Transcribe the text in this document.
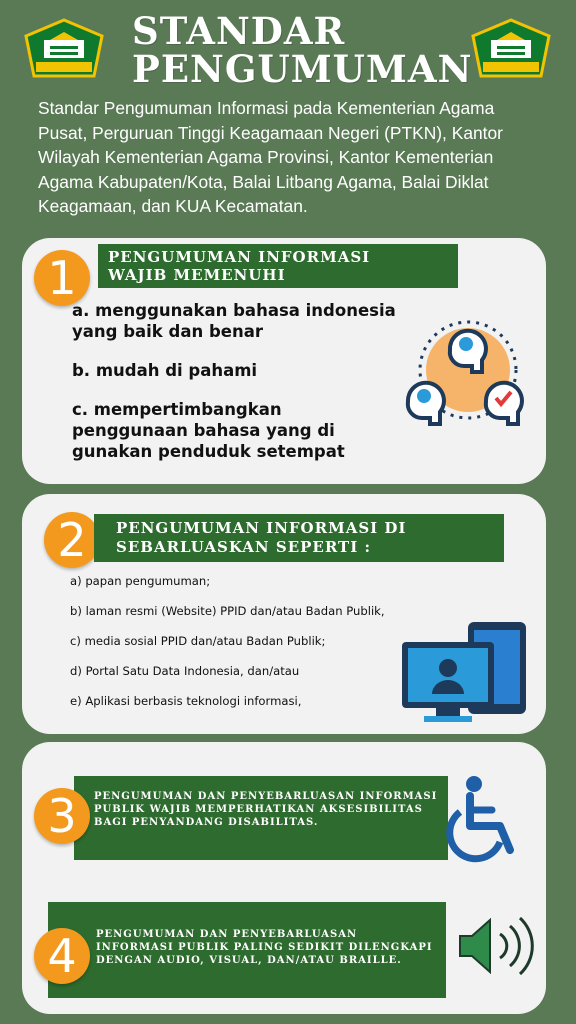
STANDAR
PENGUMUMAN
Standar Pengumuman Informasi pada Kementerian Agama Pusat, Perguruan Tinggi Keagamaan Negeri (PTKN), Kantor Wilayah Kementerian Agama Provinsi, Kantor Kementerian Agama Kabupaten/Kota, Balai Litbang Agama, Balai Diklat Keagamaan, dan KUA Kecamatan.
1	PENGUMUMAN INFORMASI
WAJIB MEMENUHI

a. menggunakan bahasa indonesia yang baik dan benar

b. mudah di pahami

c. mempertimbangkan penggunaan bahasa yang di gunakan penduduk setempat

2	PENGUMUMAN INFORMASI DI
SEBARLUASKAN SEPERTI :

a) papan pengumuman;

b) laman resmi (Website) PPID dan/atau Badan Publik,

c) media sosial PPID dan/atau Badan Publik;

d) Portal Satu Data Indonesia, dan/atau

e) Aplikasi berbasis teknologi informasi,

PENGUMUMAN DAN PENYEBARLUASAN INFORMASI PUBLIK WAJIB MEMPERHATIKAN AKSESIBILITAS BAGI PENYANDANG DISABILITAS.
3
PENGUMUMAN DAN PENYEBARLUASAN INFORMASI PUBLIK PALING SEDIKIT DILENGKAPI DENGAN AUDIO, VISUAL, DAN/ATAU BRAILLE.
4
